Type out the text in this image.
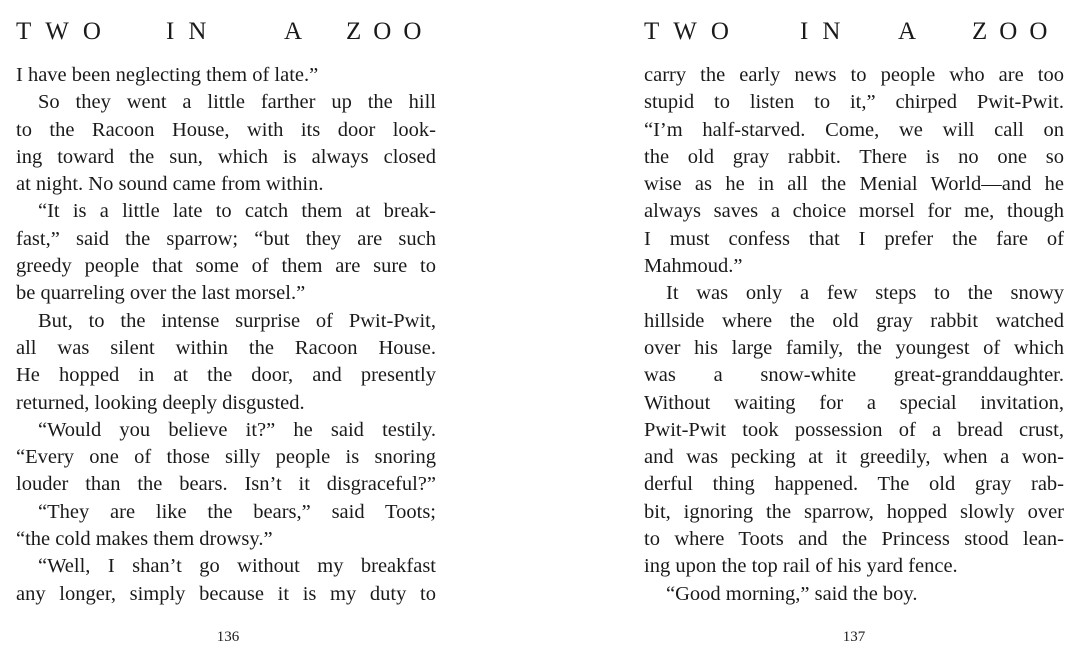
TWO IN	A ZOO
I have been neglecting them of late.”
So they went a little farther up the hill
to the Racoon House, with its door look-
ing toward the sun, which is always closed
at night. No sound came from within.
“It is a little late to catch them at break-
fast,” said the sparrow; “but they are such
greedy people that some of them are sure to
be quarreling over the last morsel.”
But, to the intense surprise of Pwit-Pwit,
all was silent within the Racoon House.
He hopped in at the door, and presently
returned, looking deeply disgusted.
“Would you believe it?” he said testily.
“Every one of those silly people is snoring
louder than the bears. Isn’t it disgraceful?”
“They are like the bears,” said Toots;
“the cold makes them drowsy.”
“Well, I shan’t go without my breakfast
any longer, simply because it is my duty to
136
TWO IN A ZOO
carry the early news to people who are too
stupid to listen to it,” chirped Pwit-Pwit.
“I’m half-starved. Come, we will call on
the old gray rabbit. There is no one so
wise as he in all the Menial World—and he
always saves a choice morsel for me, though
I must confess that I prefer the fare of
Mahmoud.”
It was only a few steps to the snowy
hillside where the old gray rabbit watched
over his large family, the youngest of which
was a snow-white great-granddaughter.
Without waiting for a special invitation,
Pwit-Pwit took possession of a bread crust,
and was pecking at it greedily, when a won-
derful thing happened. The old gray rab-
bit, ignoring the sparrow, hopped slowly over
to where Toots and the Princess stood lean-
ing upon the top rail of his yard fence.
“Good morning,” said the boy.
137
